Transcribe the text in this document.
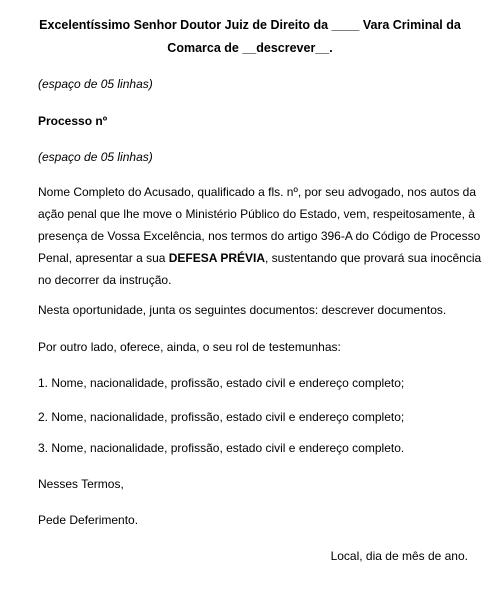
Excelentíssimo Senhor Doutor Juiz de Direito da ____ Vara Criminal da
Comarca de __descrever__.
(espaço de 05 linhas)
Processo nº
(espaço de 05 linhas)
Nome Completo do Acusado, qualificado a fls. nº, por seu advogado, nos autos da
ação penal que lhe move o Ministério Público do Estado, vem, respeitosamente, à
presença de Vossa Excelência, nos termos do artigo 396-A do Código de Processo
Penal, apresentar a sua DEFESA PRÉVIA, sustentando que provará sua inocência
no decorrer da instrução.
Nesta oportunidade, junta os seguintes documentos: descrever documentos.
Por outro lado, oferece, ainda, o seu rol de testemunhas:
1. Nome, nacionalidade, profissão, estado civil e endereço completo;
2. Nome, nacionalidade, profissão, estado civil e endereço completo;
3. Nome, nacionalidade, profissão, estado civil e endereço completo.
Nesses Termos,
Pede Deferimento.
Local, dia de mês de ano.
